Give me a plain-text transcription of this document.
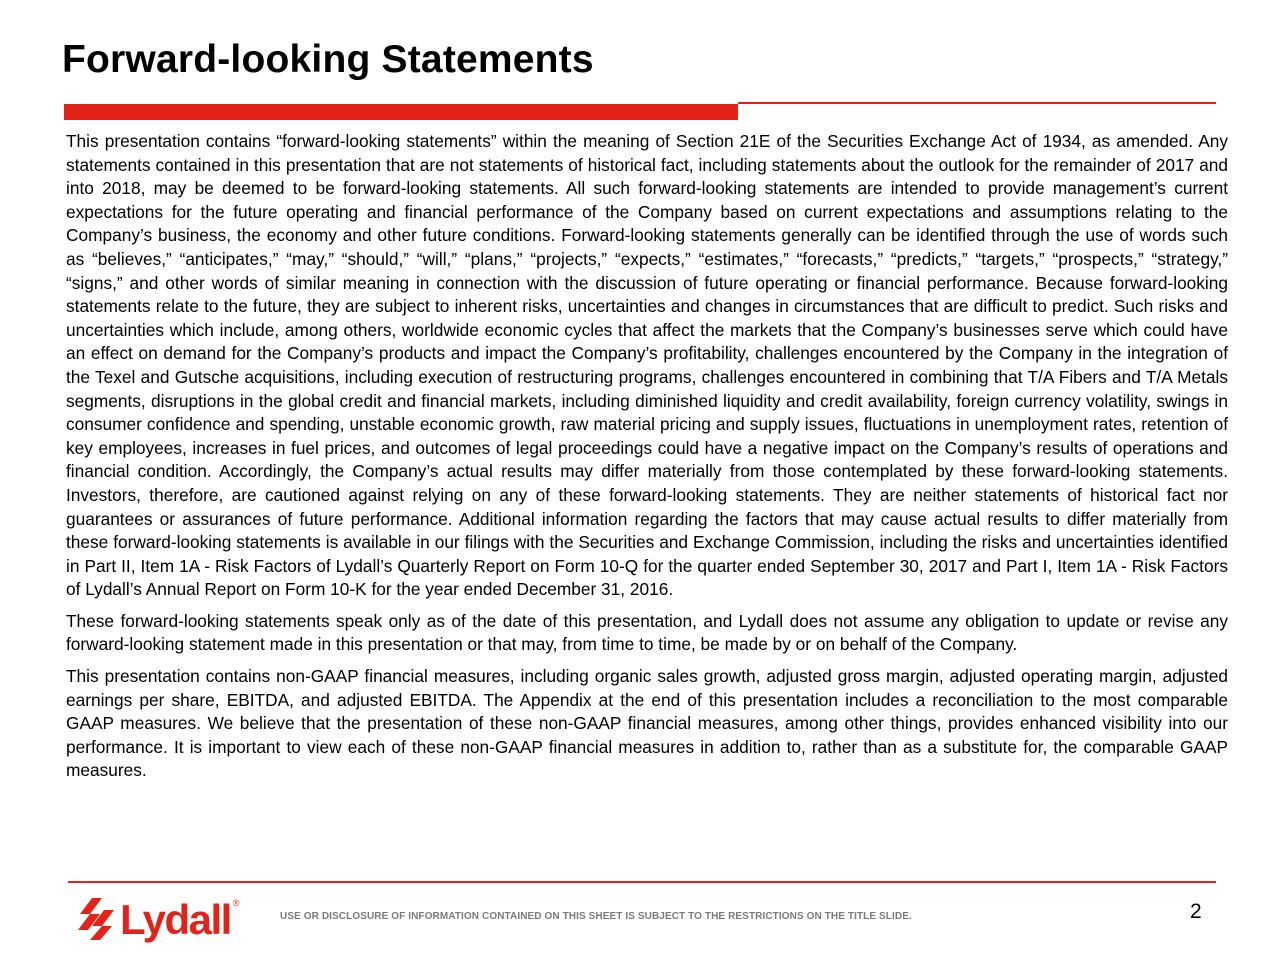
Forward-looking Statements

This presentation contains “forward-looking statements” within the meaning of Section 21E of the Securities Exchange Act of 1934, as amended. Any statements contained in this presentation that are not statements of historical fact, including statements about the outlook for the remainder of 2017 and into 2018, may be deemed to be forward-looking statements. All such forward-looking statements are intended to provide management’s current expectations for the future operating and financial performance of the Company based on current expectations and assumptions relating to the Company’s business, the economy and other future conditions. Forward-looking statements generally can be identified through the use of words such as “believes,” “anticipates,” “may,” “should,” “will,” “plans,” “projects,” “expects,” “estimates,” “forecasts,” “predicts,” “targets,” “prospects,” “strategy,” “signs,” and other words of similar meaning in connection with the discussion of future operating or financial performance. Because forward-looking statements relate to the future, they are subject to inherent risks, uncertainties and changes in circumstances that are difficult to predict. Such risks and uncertainties which include, among others, worldwide economic cycles that affect the markets that the Company’s businesses serve which could have an effect on demand for the Company’s products and impact the Company’s profitability, challenges encountered by the Company in the integration of the Texel and Gutsche acquisitions, including execution of restructuring programs, challenges encountered in combining that T/A Fibers and T/A Metals segments, disruptions in the global credit and financial markets, including diminished liquidity and credit availability, foreign currency volatility, swings in consumer confidence and spending, unstable economic growth, raw material pricing and supply issues, fluctuations in unemployment rates, retention of key employees, increases in fuel prices, and outcomes of legal proceedings could have a negative impact on the Company’s results of operations and financial condition. Accordingly, the Company’s actual results may differ materially from those contemplated by these forward-looking statements. Investors, therefore, are cautioned against relying on any of these forward-looking statements. They are neither statements of historical fact nor guarantees or assurances of future performance. Additional information regarding the factors that may cause actual results to differ materially from these forward-looking statements is available in our filings with the Securities and Exchange Commission, including the risks and uncertainties identified in Part II, Item 1A - Risk Factors of Lydall’s Quarterly Report on Form 10-Q for the quarter ended September 30, 2017 and Part I, Item 1A - Risk Factors of Lydall’s Annual Report on Form 10-K for the year ended December 31, 2016.

These forward-looking statements speak only as of the date of this presentation, and Lydall does not assume any obligation to update or revise any forward-looking statement made in this presentation or that may, from time to time, be made by or on behalf of the Company.

This presentation contains non-GAAP financial measures, including organic sales growth, adjusted gross margin, adjusted operating margin, adjusted earnings per share, EBITDA, and adjusted EBITDA. The Appendix at the end of this presentation includes a reconciliation to the most comparable GAAP measures. We believe that the presentation of these non-GAAP financial measures, among other things, provides enhanced visibility into our performance. It is important to view each of these non-GAAP financial measures in addition to, rather than as a substitute for, the comparable GAAP measures.

Lydall ®
USE OR DISCLOSURE OF INFORMATION CONTAINED ON THIS SHEET IS SUBJECT TO THE RESTRICTIONS ON THE TITLE SLIDE.	2
